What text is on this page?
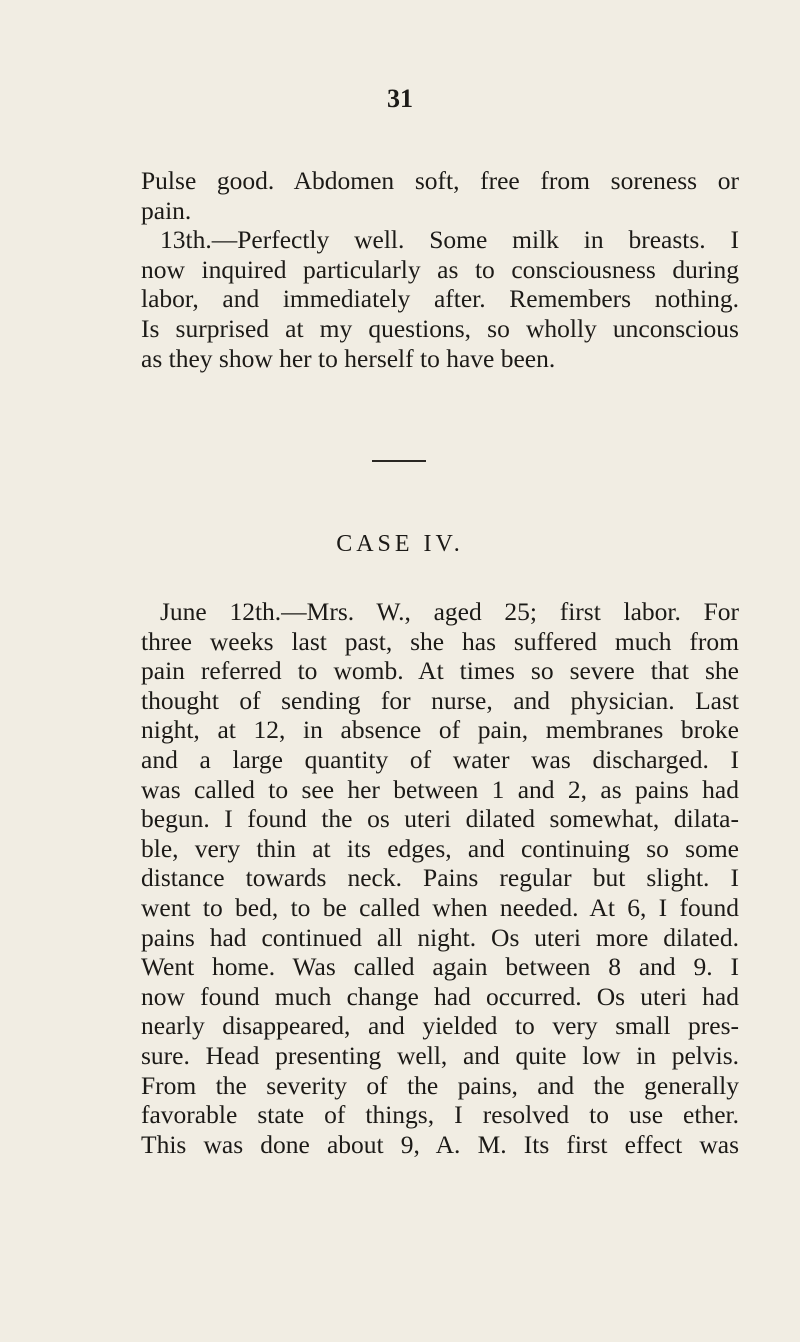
31
Pulse good. Abdomen soft, free from soreness or
pain.
13th.—Perfectly well. Some milk in breasts. I
now inquired particularly as to consciousness during
labor, and immediately after. Remembers nothing.
Is surprised at my questions, so wholly unconscious
as they show her to herself to have been.
CASE IV.
June 12th.—Mrs. W., aged 25; first labor. For
three weeks last past, she has suffered much from
pain referred to womb. At times so severe that she
thought of sending for nurse, and physician. Last
night, at 12, in absence of pain, membranes broke
and a large quantity of water was discharged. I
was called to see her between 1 and 2, as pains had
begun. I found the os uteri dilated somewhat, dilata-
ble, very thin at its edges, and continuing so some
distance towards neck. Pains regular but slight. I
went to bed, to be called when needed. At 6, I found
pains had continued all night. Os uteri more dilated.
Went home. Was called again between 8 and 9. I
now found much change had occurred. Os uteri had
nearly disappeared, and yielded to very small pres-
sure. Head presenting well, and quite low in pelvis.
From the severity of the pains, and the generally
favorable state of things, I resolved to use ether.
This was done about 9, A. M. Its first effect was
